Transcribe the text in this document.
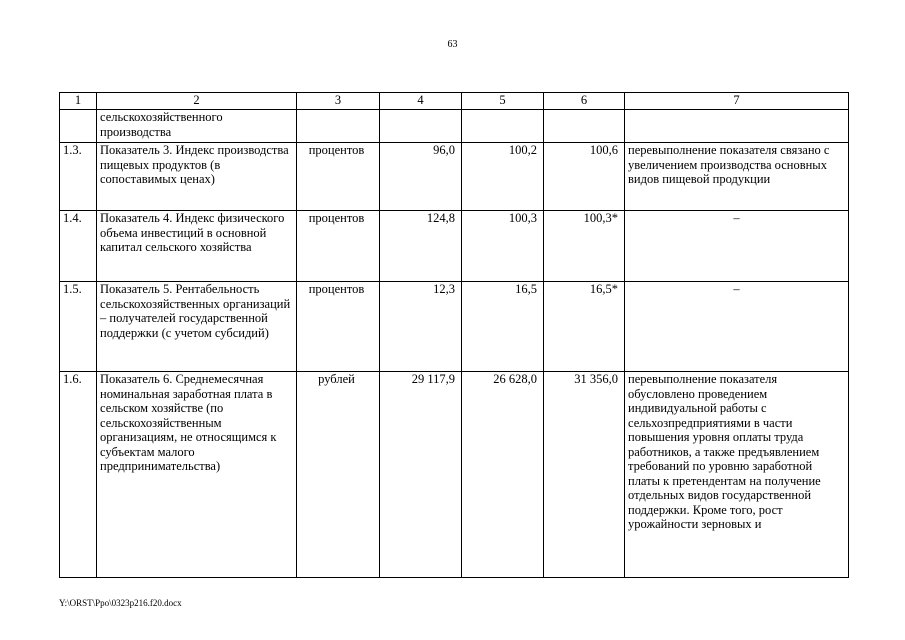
63
1	2	3	4	5	6	7
	сельскохозяйственного производства					
1.3.	Показатель 3. Индекс производства пищевых продуктов (в сопоставимых ценах)	процентов	96,0	100,2	100,6	перевыполнение показателя связано с увеличением производства основных видов пищевой продукции
1.4.	Показатель 4. Индекс физического объема инвестиций в основной капитал сельского хозяйства	процентов	124,8	100,3	100,3*	–
1.5.	Показатель 5. Рентабельность сельскохозяйственных организаций – получателей государственной поддержки (с учетом субсидий)	процентов	12,3	16,5	16,5*	–
1.6.	Показатель 6. Среднемесячная номинальная заработная плата в сельском хозяйстве (по сельскохозяйственным организациям, не относящимся к субъектам малого предпринимательства)	рублей	29 117,9	26 628,0	31 356,0	перевыполнение показателя обусловлено проведением индивидуальной работы с сельхозпредприятиями в части повышения уровня оплаты труда работников, а также предъявлением требований по уровню заработной платы к претендентам на получение отдельных видов государственной поддержки. Кроме того, рост урожайности зерновых и
Y:\ORST\Ppo\0323p216.f20.docx
